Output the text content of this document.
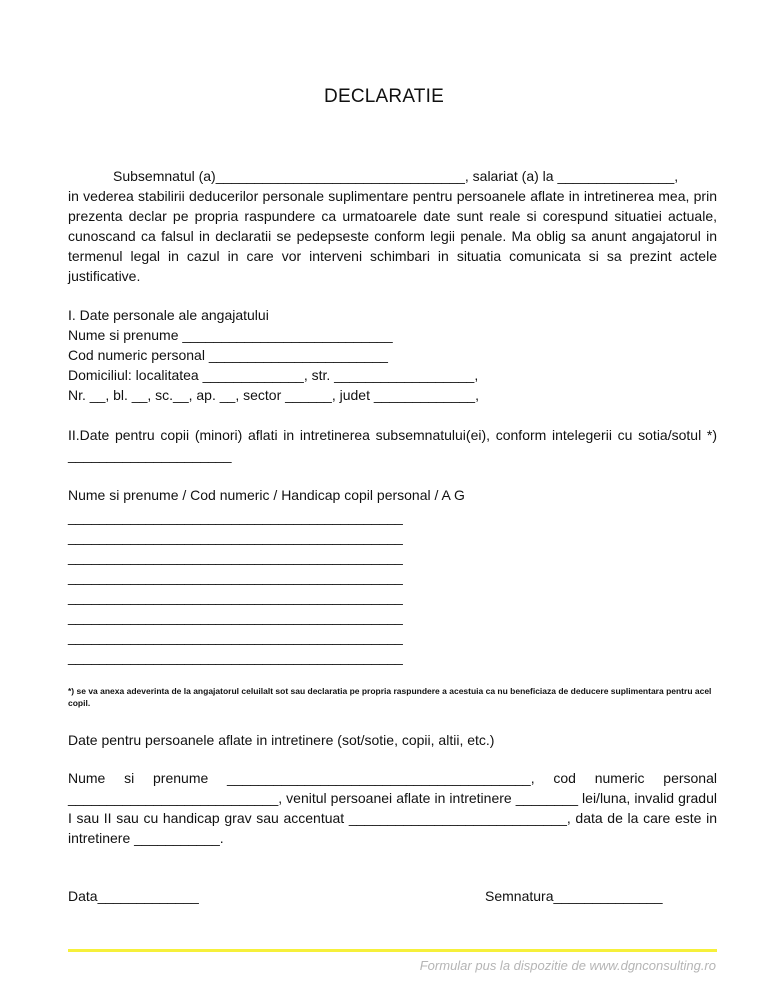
DECLARATIE

Subsemnatul (a)________________________________, salariat (a) la _______________,

in vederea stabilirii deducerilor personale suplimentare pentru persoanele aflate in intretinerea mea, prin prezenta declar pe propria raspundere ca urmatoarele date sunt reale si corespund situatiei actuale, cunoscand ca falsul in declaratii se pedepseste conform legii penale. Ma oblig sa anunt angajatorul in termenul legal in cazul in care vor interveni schimbari in situatia comunicata si sa prezint actele justificative.

I. Date personale ale angajatului
Nume si prenume ___________________________
Cod numeric personal _______________________
Domiciliul: localitatea _____________, str. __________________,
Nr. __, bl. __, sc.__, ap. __, sector ______, judet _____________,
II.Date pentru copii (minori) aflati in intretinerea subsemnatului(ei), conform intelegerii cu sotia/sotul *) _____________________
Nume si prenume / Cod numeric / Handicap copil personal / A G
___________________________________________
___________________________________________
___________________________________________
___________________________________________
___________________________________________
___________________________________________
___________________________________________
___________________________________________
*) se va anexa adeverinta de la angajatorul celuilalt sot sau declaratia pe propria raspundere a acestuia ca nu beneficiaza de deducere suplimentara pentru acel copil.
Date pentru persoanele aflate in intretinere (sot/sotie, copii, altii, etc.)
Nume si prenume _______________________________________, cod numeric personal ___________________________, venitul persoanei aflate in intretinere ________ lei/luna, invalid gradul I sau II sau cu handicap grav sau accentuat ____________________________, data de la care este in intretinere ___________.
Data_____________	Semnatura______________
Formular pus la dispozitie de www.dgnconsulting.ro
